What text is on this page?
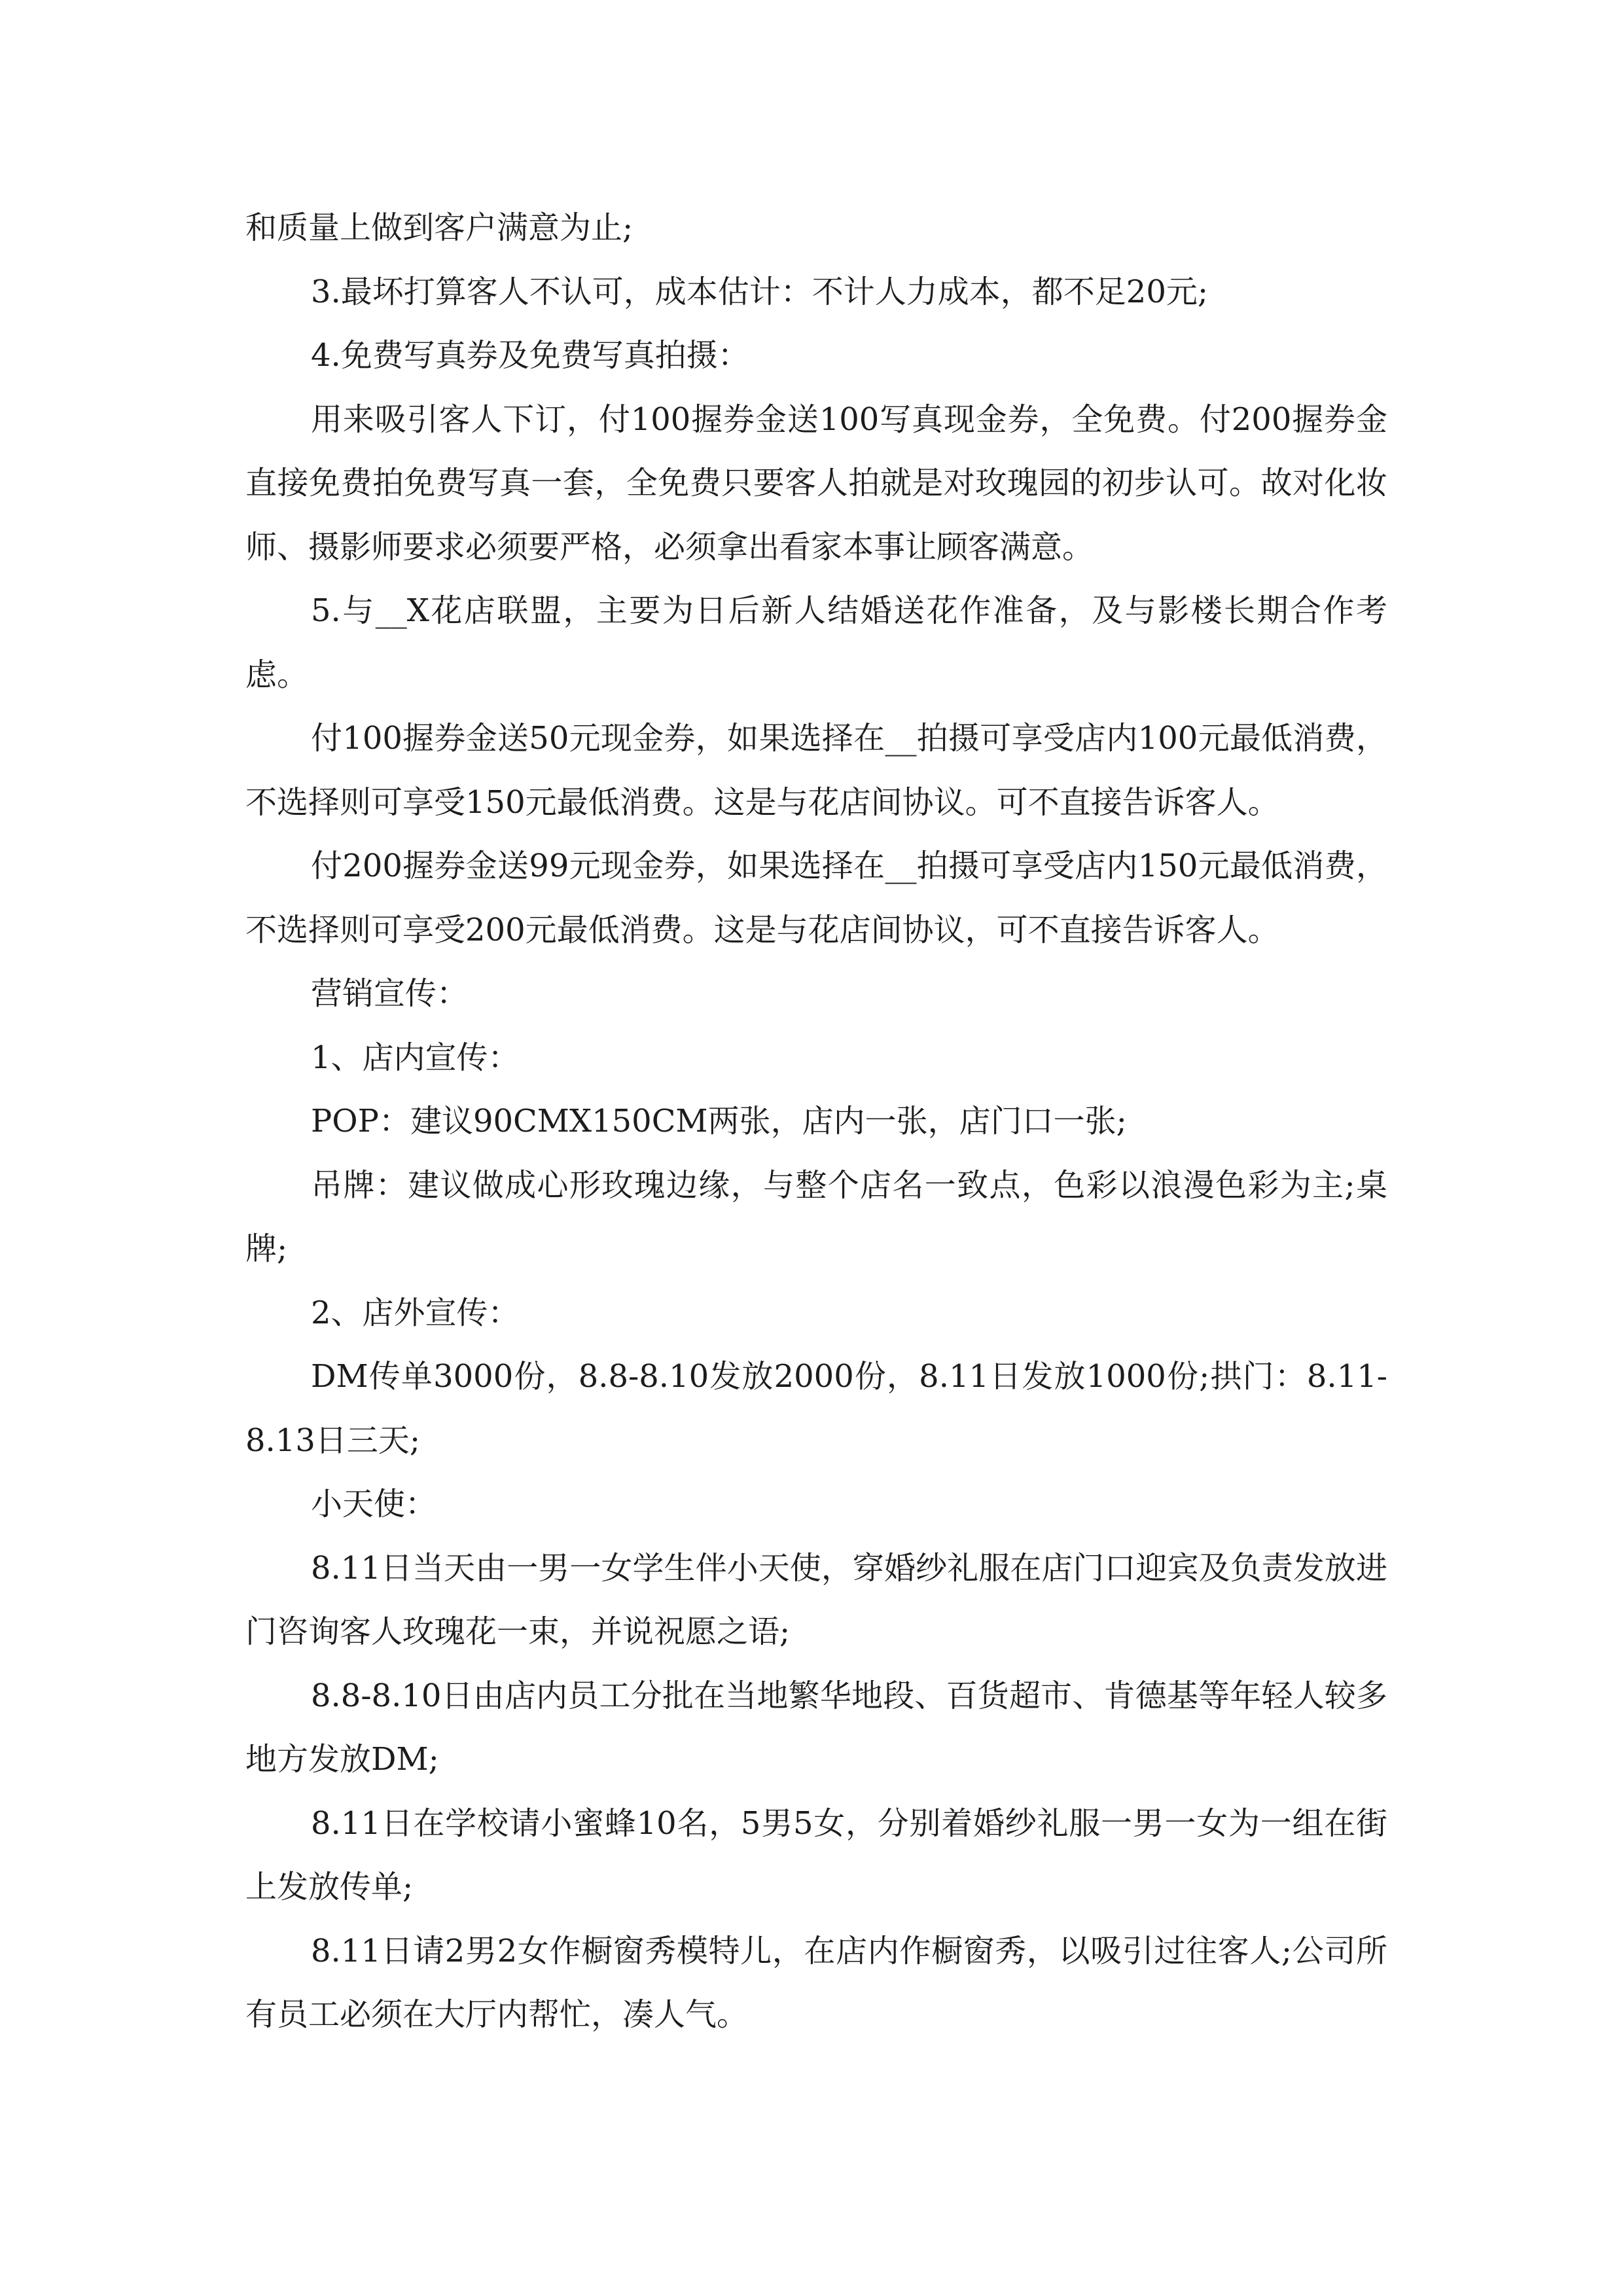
和质量上做到客户满意为止;

3.最坏打算客人不认可，成本估计：不计人力成本，都不足20元;

4.免费写真券及免费写真拍摄：

用来吸引客人下订，付100握券金送100写真现金券，全免费。付200握券金直接免费拍免费写真一套，全免费只要客人拍就是对玫瑰园的初步认可。故对化妆师、摄影师要求必须要严格，必须拿出看家本事让顾客满意。

5.与__X花店联盟，主要为日后新人结婚送花作准备，及与影楼长期合作考虑。

付100握券金送50元现金券，如果选择在__拍摄可享受店内100元最低消费，不选择则可享受150元最低消费。这是与花店间协议。可不直接告诉客人。

付200握券金送99元现金券，如果选择在__拍摄可享受店内150元最低消费，不选择则可享受200元最低消费。这是与花店间协议，可不直接告诉客人。

营销宣传：

1、店内宣传：

POP：建议90CMX150CM两张，店内一张，店门口一张;

吊牌：建议做成心形玫瑰边缘，与整个店名一致点，色彩以浪漫色彩为主;桌牌;

2、店外宣传：

DM传单3000份，8.8-8.10发放2000份，8.11日发放1000份;拱门：8.11-8.13日三天;

小天使：

8.11日当天由一男一女学生伴小天使，穿婚纱礼服在店门口迎宾及负责发放进门咨询客人玫瑰花一束，并说祝愿之语;

8.8-8.10日由店内员工分批在当地繁华地段、百货超市、肯德基等年轻人较多地方发放DM;

8.11日在学校请小蜜蜂10名，5男5女，分别着婚纱礼服一男一女为一组在街上发放传单;

8.11日请2男2女作橱窗秀模特儿，在店内作橱窗秀，以吸引过往客人;公司所有员工必须在大厅内帮忙，凑人气。
